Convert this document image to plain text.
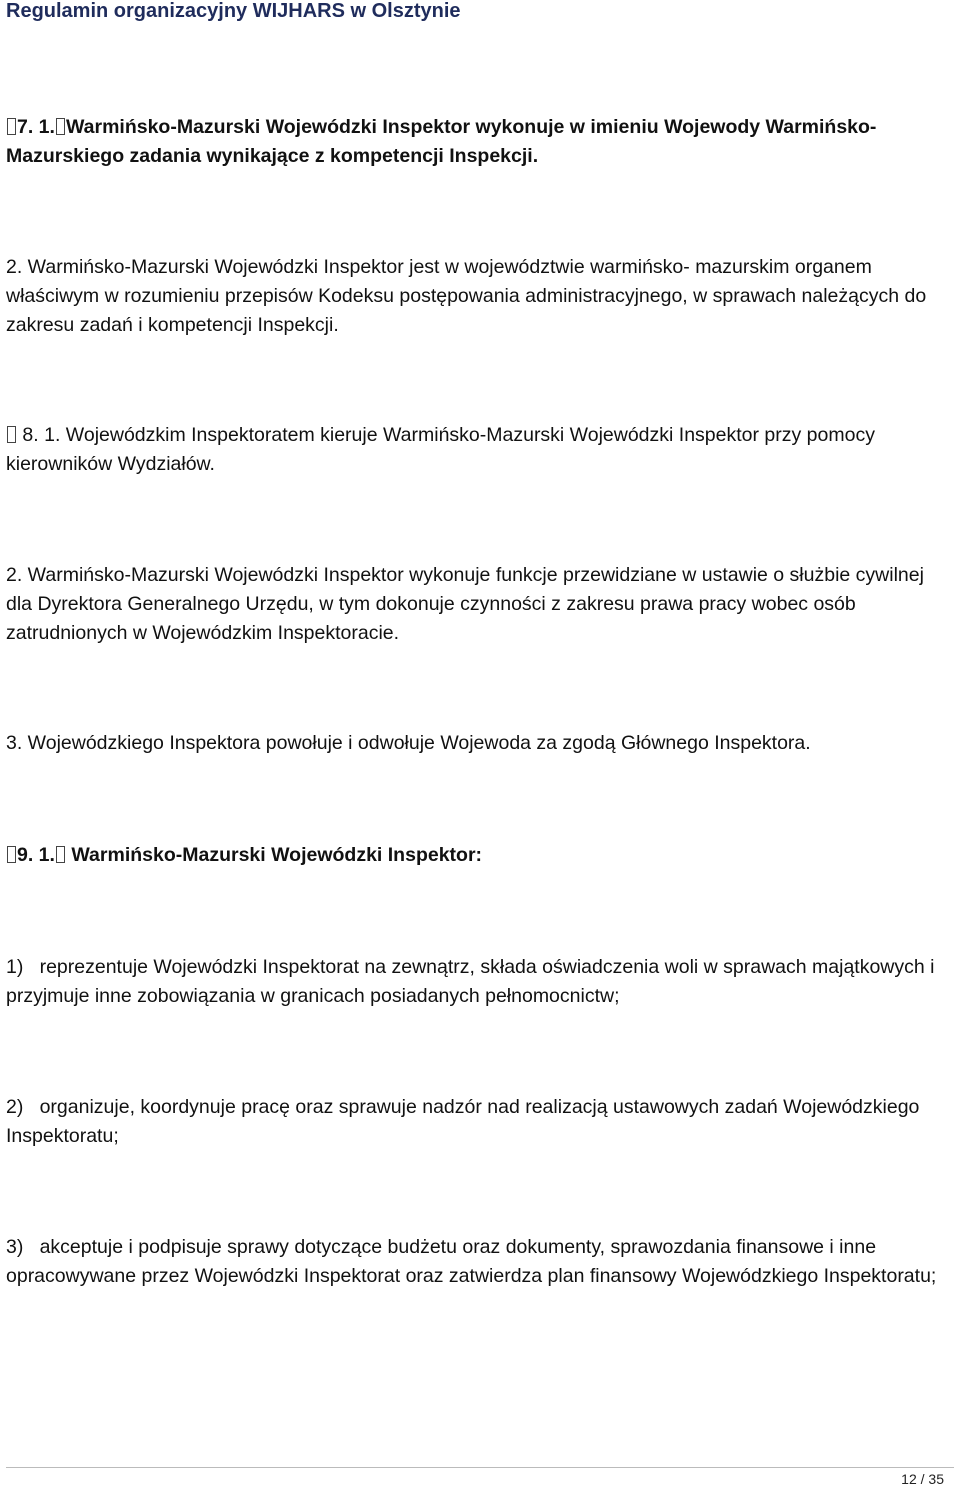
Regulamin organizacyjny WIJHARS w Olsztynie

7. 1. Warmińsko-Mazurski Wojewódzki Inspektor wykonuje w imieniu Wojewody Warmińsko-Mazurskiego zadania wynikające z kompetencji Inspekcji.

2. Warmińsko-Mazurski Wojewódzki Inspektor jest w województwie warmińsko- mazurskim organem właściwym w rozumieniu przepisów Kodeksu postępowania administracyjnego, w sprawach należących do zakresu zadań i kompetencji Inspekcji.

8. 1. Wojewódzkim Inspektoratem kieruje Warmińsko-Mazurski Wojewódzki Inspektor przy pomocy kierowników Wydziałów.

2. Warmińsko-Mazurski Wojewódzki Inspektor wykonuje funkcje przewidziane w ustawie o służbie cywilnej dla Dyrektora Generalnego Urzędu, w tym dokonuje czynności z zakresu prawa pracy wobec osób zatrudnionych w Wojewódzkim Inspektoracie.

3. Wojewódzkiego Inspektora powołuje i odwołuje Wojewoda za zgodą Głównego Inspektora.

9. 1. Warmińsko-Mazurski Wojewódzki Inspektor:

1)   reprezentuje Wojewódzki Inspektorat na zewnątrz, składa oświadczenia woli w sprawach majątkowych i przyjmuje inne zobowiązania w granicach posiadanych pełnomocnictw;

2)   organizuje, koordynuje pracę oraz sprawuje nadzór nad realizacją ustawowych zadań Wojewódzkiego Inspektoratu;

3)   akceptuje i podpisuje sprawy dotyczące budżetu oraz dokumenty, sprawozdania finansowe i inne opracowywane przez Wojewódzki Inspektorat oraz zatwierdza plan finansowy Wojewódzkiego Inspektoratu;

12 / 35
